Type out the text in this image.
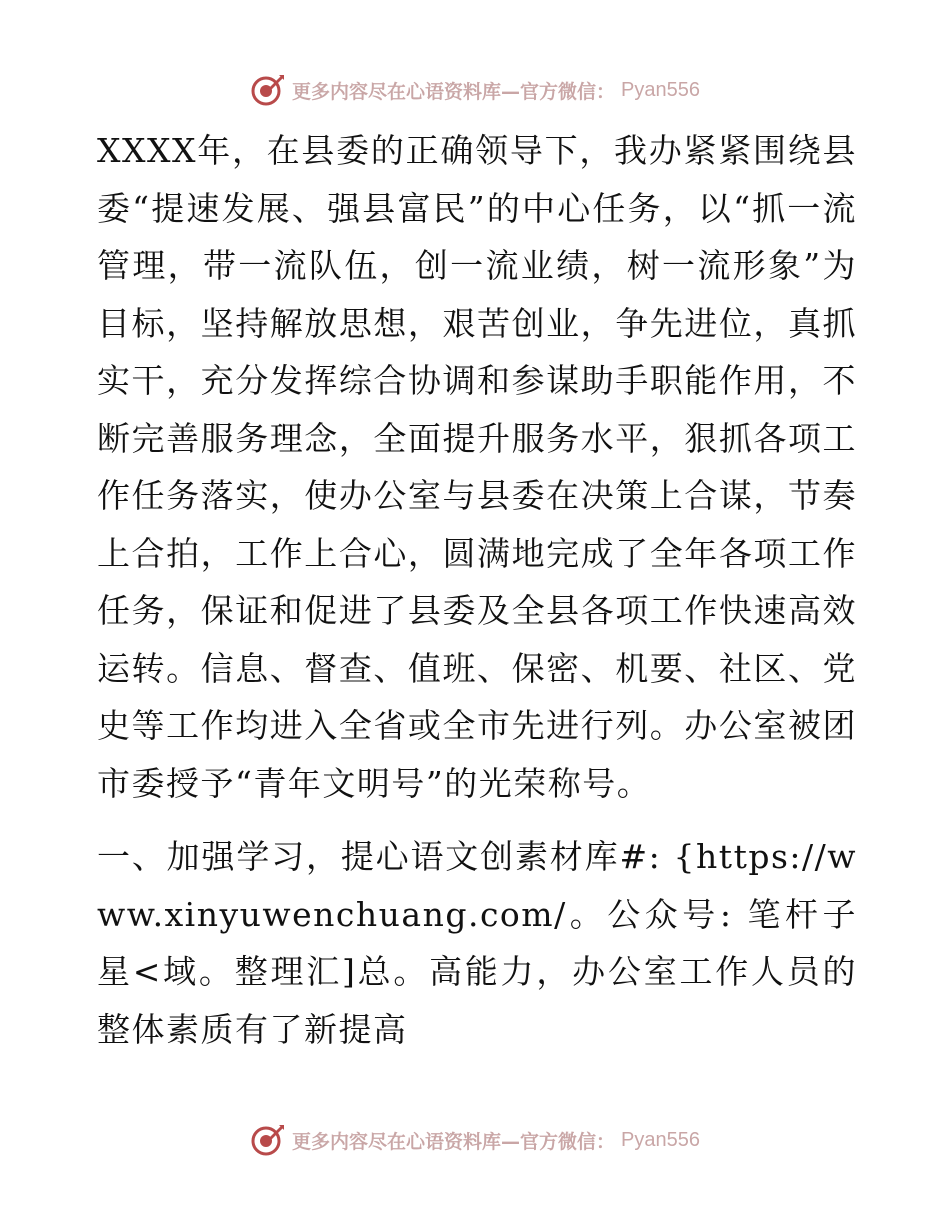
更多内容尽在心语资料库—官方微信： Pyan556

XXXX年，在县委的正确领导下，我办紧紧围绕县委“提速发展、强县富民”的中心任务，以“抓一流管理，带一流队伍，创一流业绩，树一流形象”为目标，坚持解放思想，艰苦创业，争先进位，真抓实干，充分发挥综合协调和参谋助手职能作用，不断完善服务理念，全面提升服务水平，狠抓各项工作任务落实，使办公室与县委在决策上合谋，节奏上合拍，工作上合心，圆满地完成了全年各项工作任务，保证和促进了县委及全县各项工作快速高效运转。信息、督查、值班、保密、机要、社区、党史等工作均进入全省或全市先进行列。办公室被团市委授予“青年文明号”的光荣称号。

一、加强学习，提心语文创素材库#: {https://www.xinyuwenchuang.com/。公众号: 笔杆子星<域。整理汇]总。高能力，办公室工作人员的整体素质有了新提高

更多内容尽在心语资料库—官方微信： Pyan556
